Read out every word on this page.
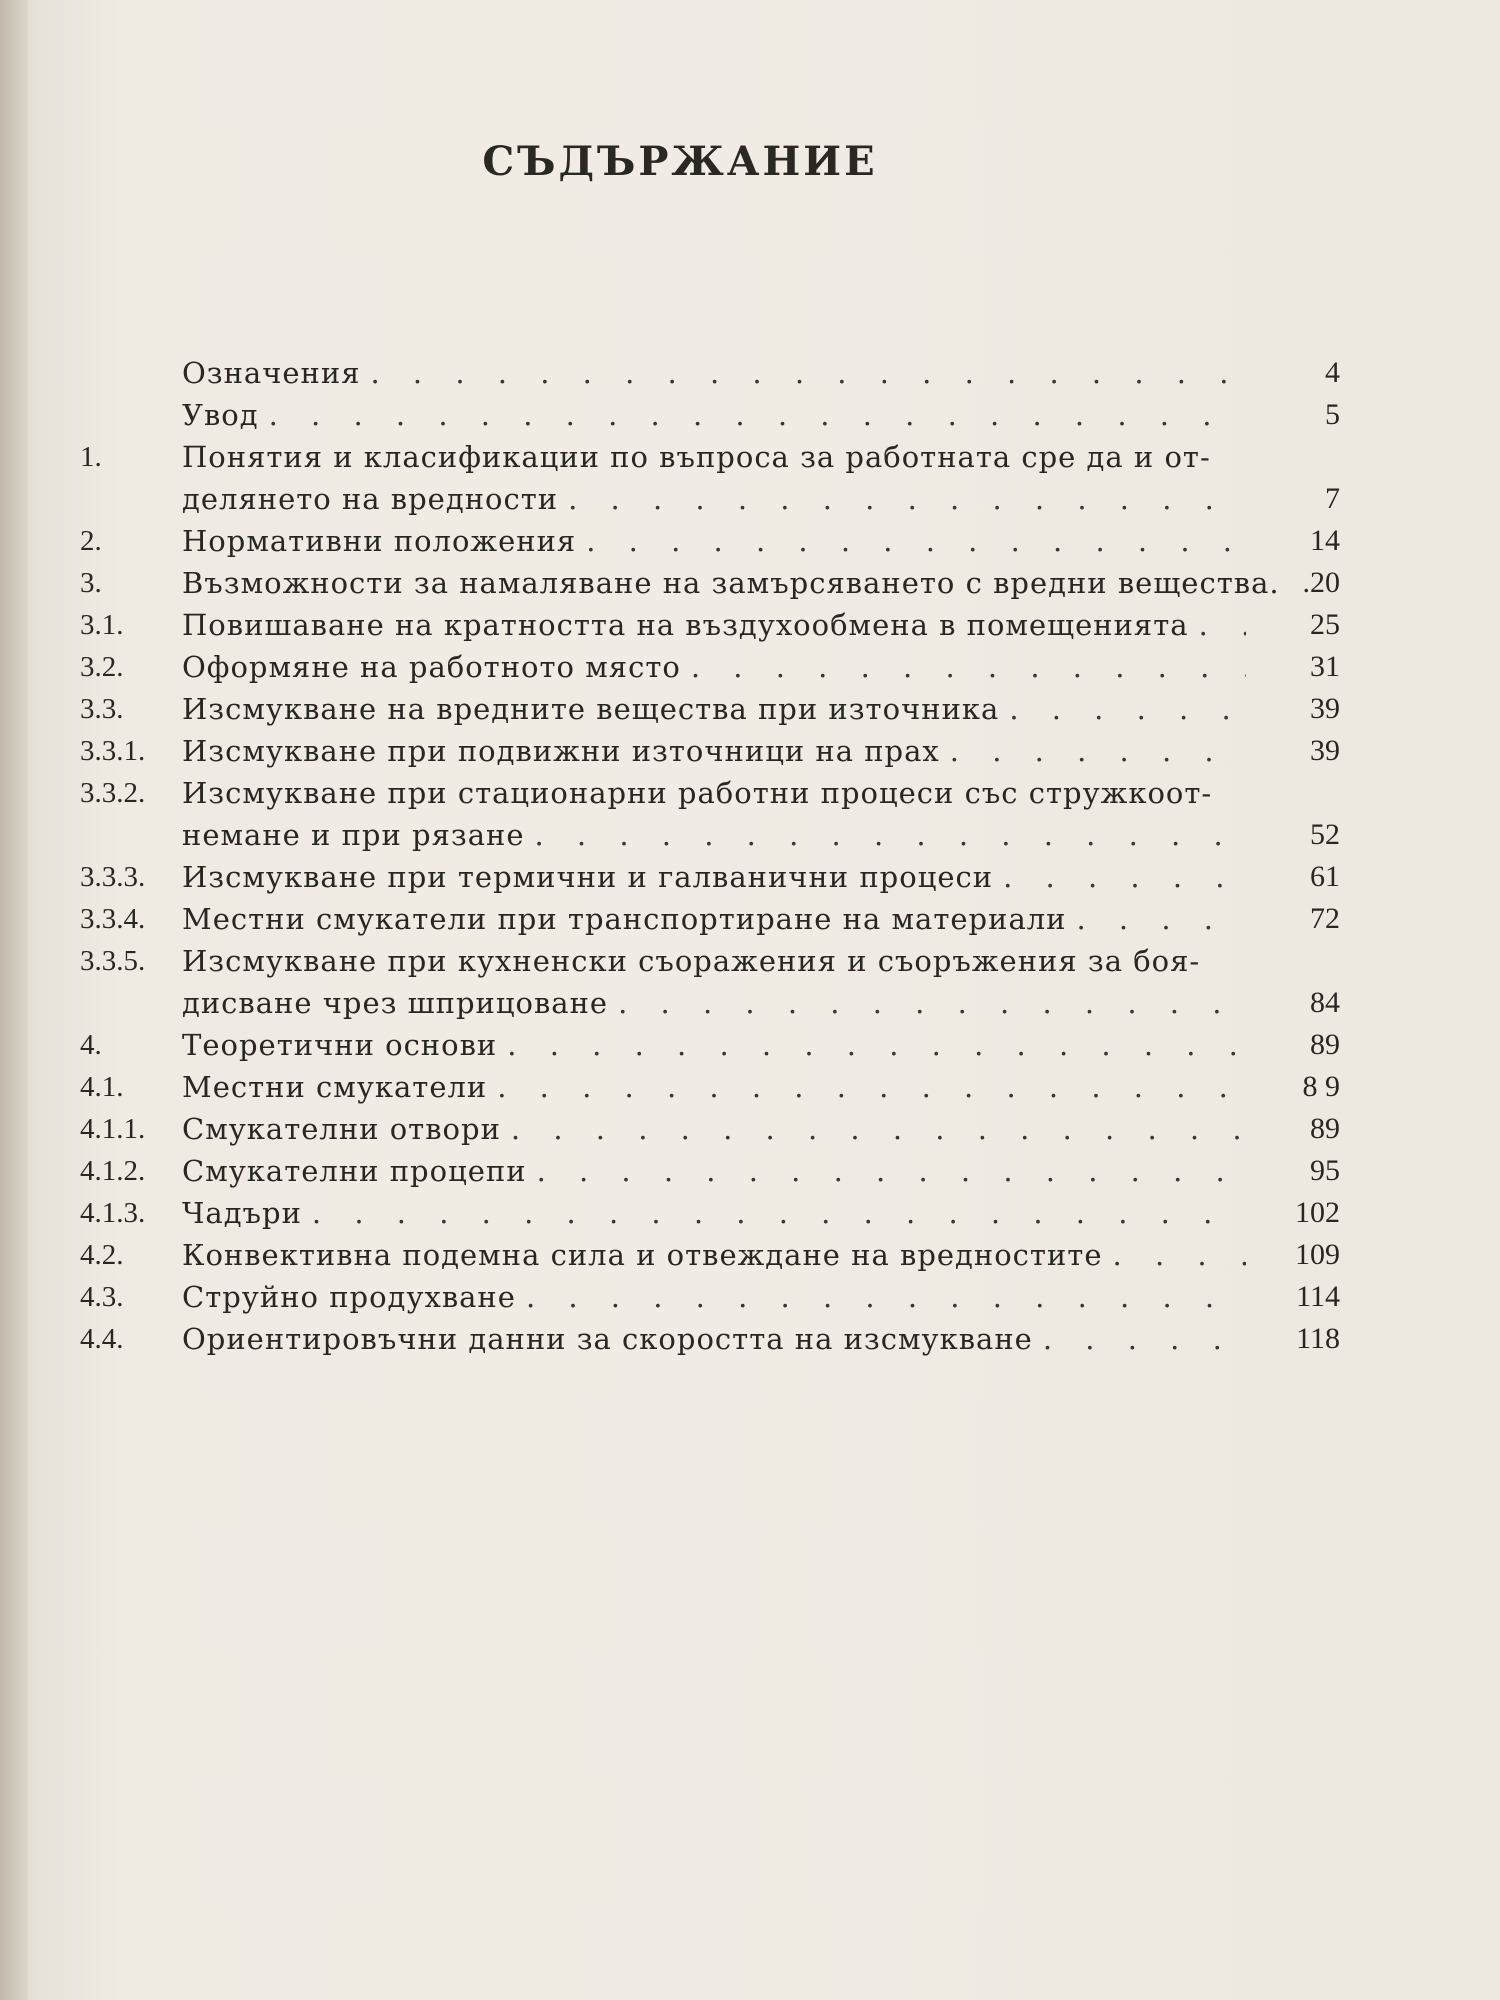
СЪДЪРЖАНИЕ
Означения . . .	4
Увод . . .	5
1.	Понятия и класификации по въпроса за работната сре да и от-
делянето на вредности . . .	7
2.	Нормативни положения . . .	14
3.	Възможности за намаляване на замърсяването с вредни вещества. .20
3.1.	Повишаване на кратността на въздухообмена в помещенията . . .	25
3.2.	Оформяне на работното място . . .	31
3.3.	Изсмукване на вредните вещества при източника . . .	39
3.3.1.	Изсмукване при подвижни източници на прах . . .	39
3.3.2.	Изсмукване при стационарни работни процеси със стружкоот-
немане и при рязане . . .	52
3.3.3.	Изсмукване при термични и галванични процеси . . .	61
3.3.4.	Местни смукатели при транспортиране на материали . . .	72
3.3.5.	Изсмукване при кухненски съоражения и съоръжения за боя-
дисване чрез шприцоване . . .	84
4.	Теоретични основи . . .	89
4.1.	Местни смукатели . . .	8 9
4.1.1.	Смукателни отвори . . .	89
4.1.2.	Смукателни процепи . . .	95
4.1.3.	Чадъри . . .	102
4.2.	Конвективна подемна сила и отвеждане на вредностите . . .	109
4.3.	Струйно продухване . . .	114
4.4.	Ориентировъчни данни за скоростта на изсмукване . . .	118
